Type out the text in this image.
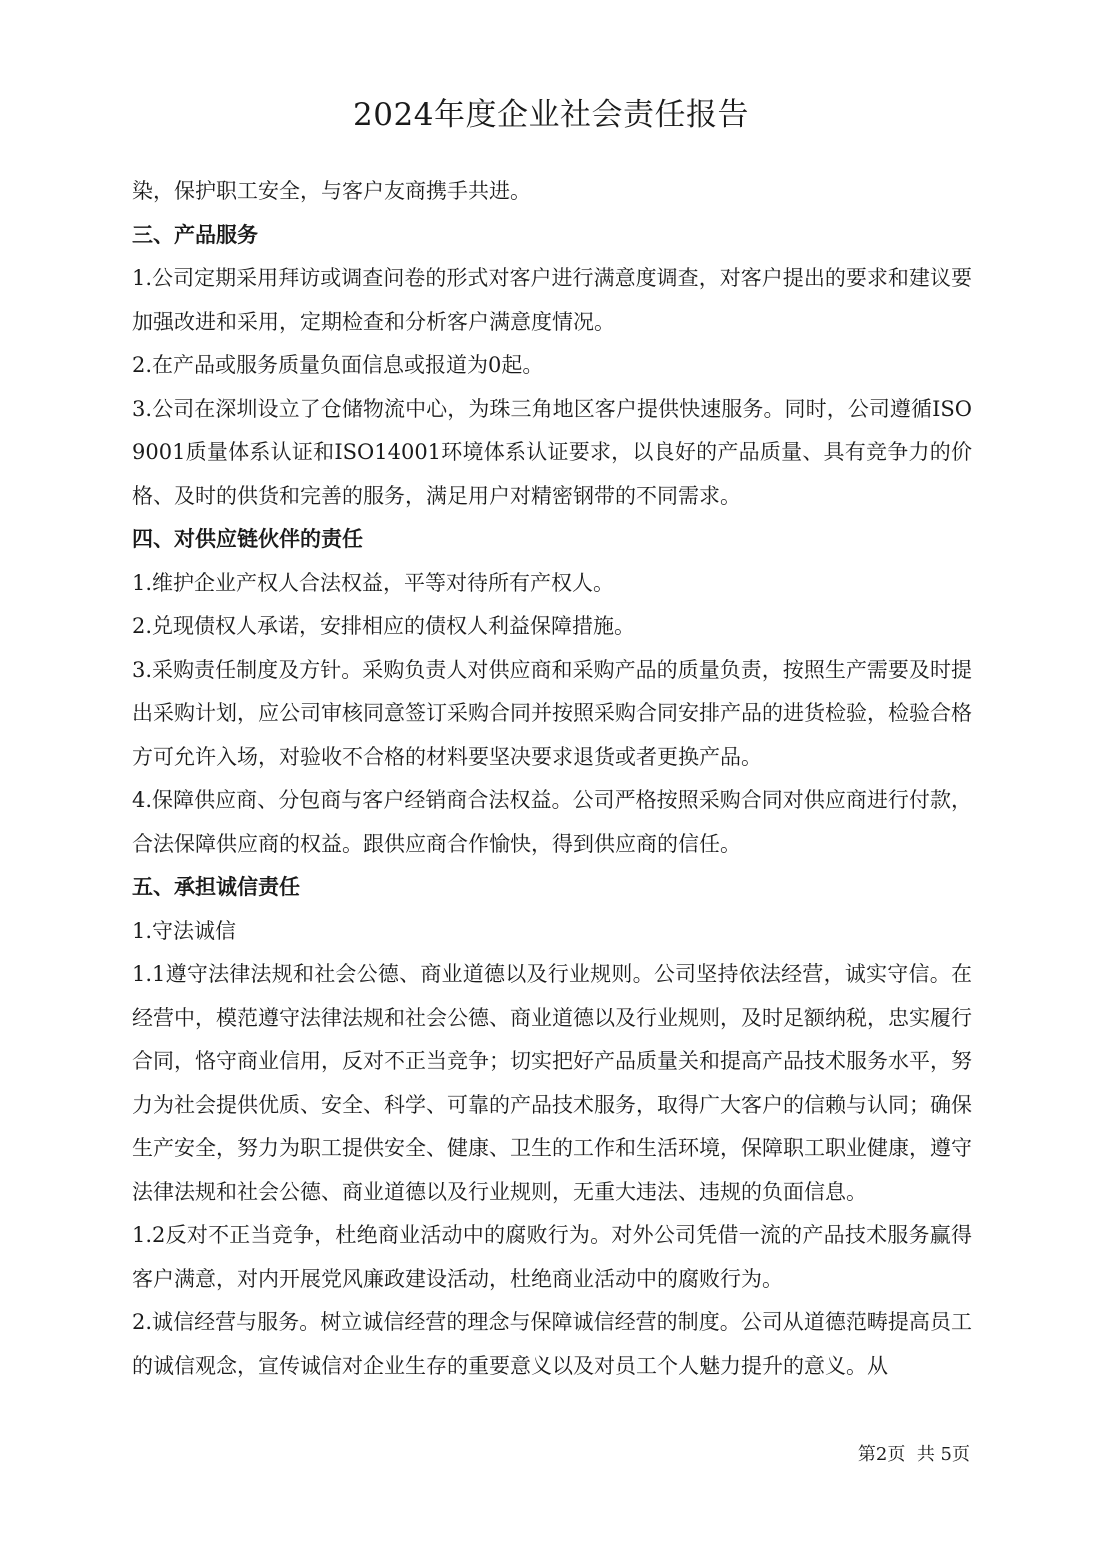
2024年度企业社会责任报告

染，保护职工安全，与客户友商携手共进。

三、产品服务

1.公司定期采用拜访或调查问卷的形式对客户进行满意度调查，对客户提出的要求和建议要加强改进和采用，定期检查和分析客户满意度情况。

2.在产品或服务质量负面信息或报道为0起。

3.公司在深圳设立了仓储物流中心，为珠三角地区客户提供快速服务。同时，公司遵循ISO9001质量体系认证和ISO14001环境体系认证要求，以良好的产品质量、具有竞争力的价格、及时的供货和完善的服务，满足用户对精密钢带的不同需求。

四、对供应链伙伴的责任

1.维护企业产权人合法权益，平等对待所有产权人。

2.兑现债权人承诺，安排相应的债权人利益保障措施。

3.采购责任制度及方针。采购负责人对供应商和采购产品的质量负责，按照生产需要及时提出采购计划，应公司审核同意签订采购合同并按照采购合同安排产品的进货检验，检验合格方可允许入场，对验收不合格的材料要坚决要求退货或者更换产品。

4.保障供应商、分包商与客户经销商合法权益。公司严格按照采购合同对供应商进行付款，合法保障供应商的权益。跟供应商合作愉快，得到供应商的信任。

五、承担诚信责任

1.守法诚信

1.1遵守法律法规和社会公德、商业道德以及行业规则。公司坚持依法经营，诚实守信。在经营中，模范遵守法律法规和社会公德、商业道德以及行业规则，及时足额纳税，忠实履行合同，恪守商业信用，反对不正当竞争；切实把好产品质量关和提高产品技术服务水平，努力为社会提供优质、安全、科学、可靠的产品技术服务，取得广大客户的信赖与认同；确保生产安全，努力为职工提供安全、健康、卫生的工作和生活环境，保障职工职业健康，遵守法律法规和社会公德、商业道德以及行业规则，无重大违法、违规的负面信息。

1.2反对不正当竞争，杜绝商业活动中的腐败行为。对外公司凭借一流的产品技术服务赢得客户满意，对内开展党风廉政建设活动，杜绝商业活动中的腐败行为。

2.诚信经营与服务。树立诚信经营的理念与保障诚信经营的制度。公司从道德范畴提高员工的诚信观念，宣传诚信对企业生存的重要意义以及对员工个人魅力提升的意义。从

第2页  共 5页
